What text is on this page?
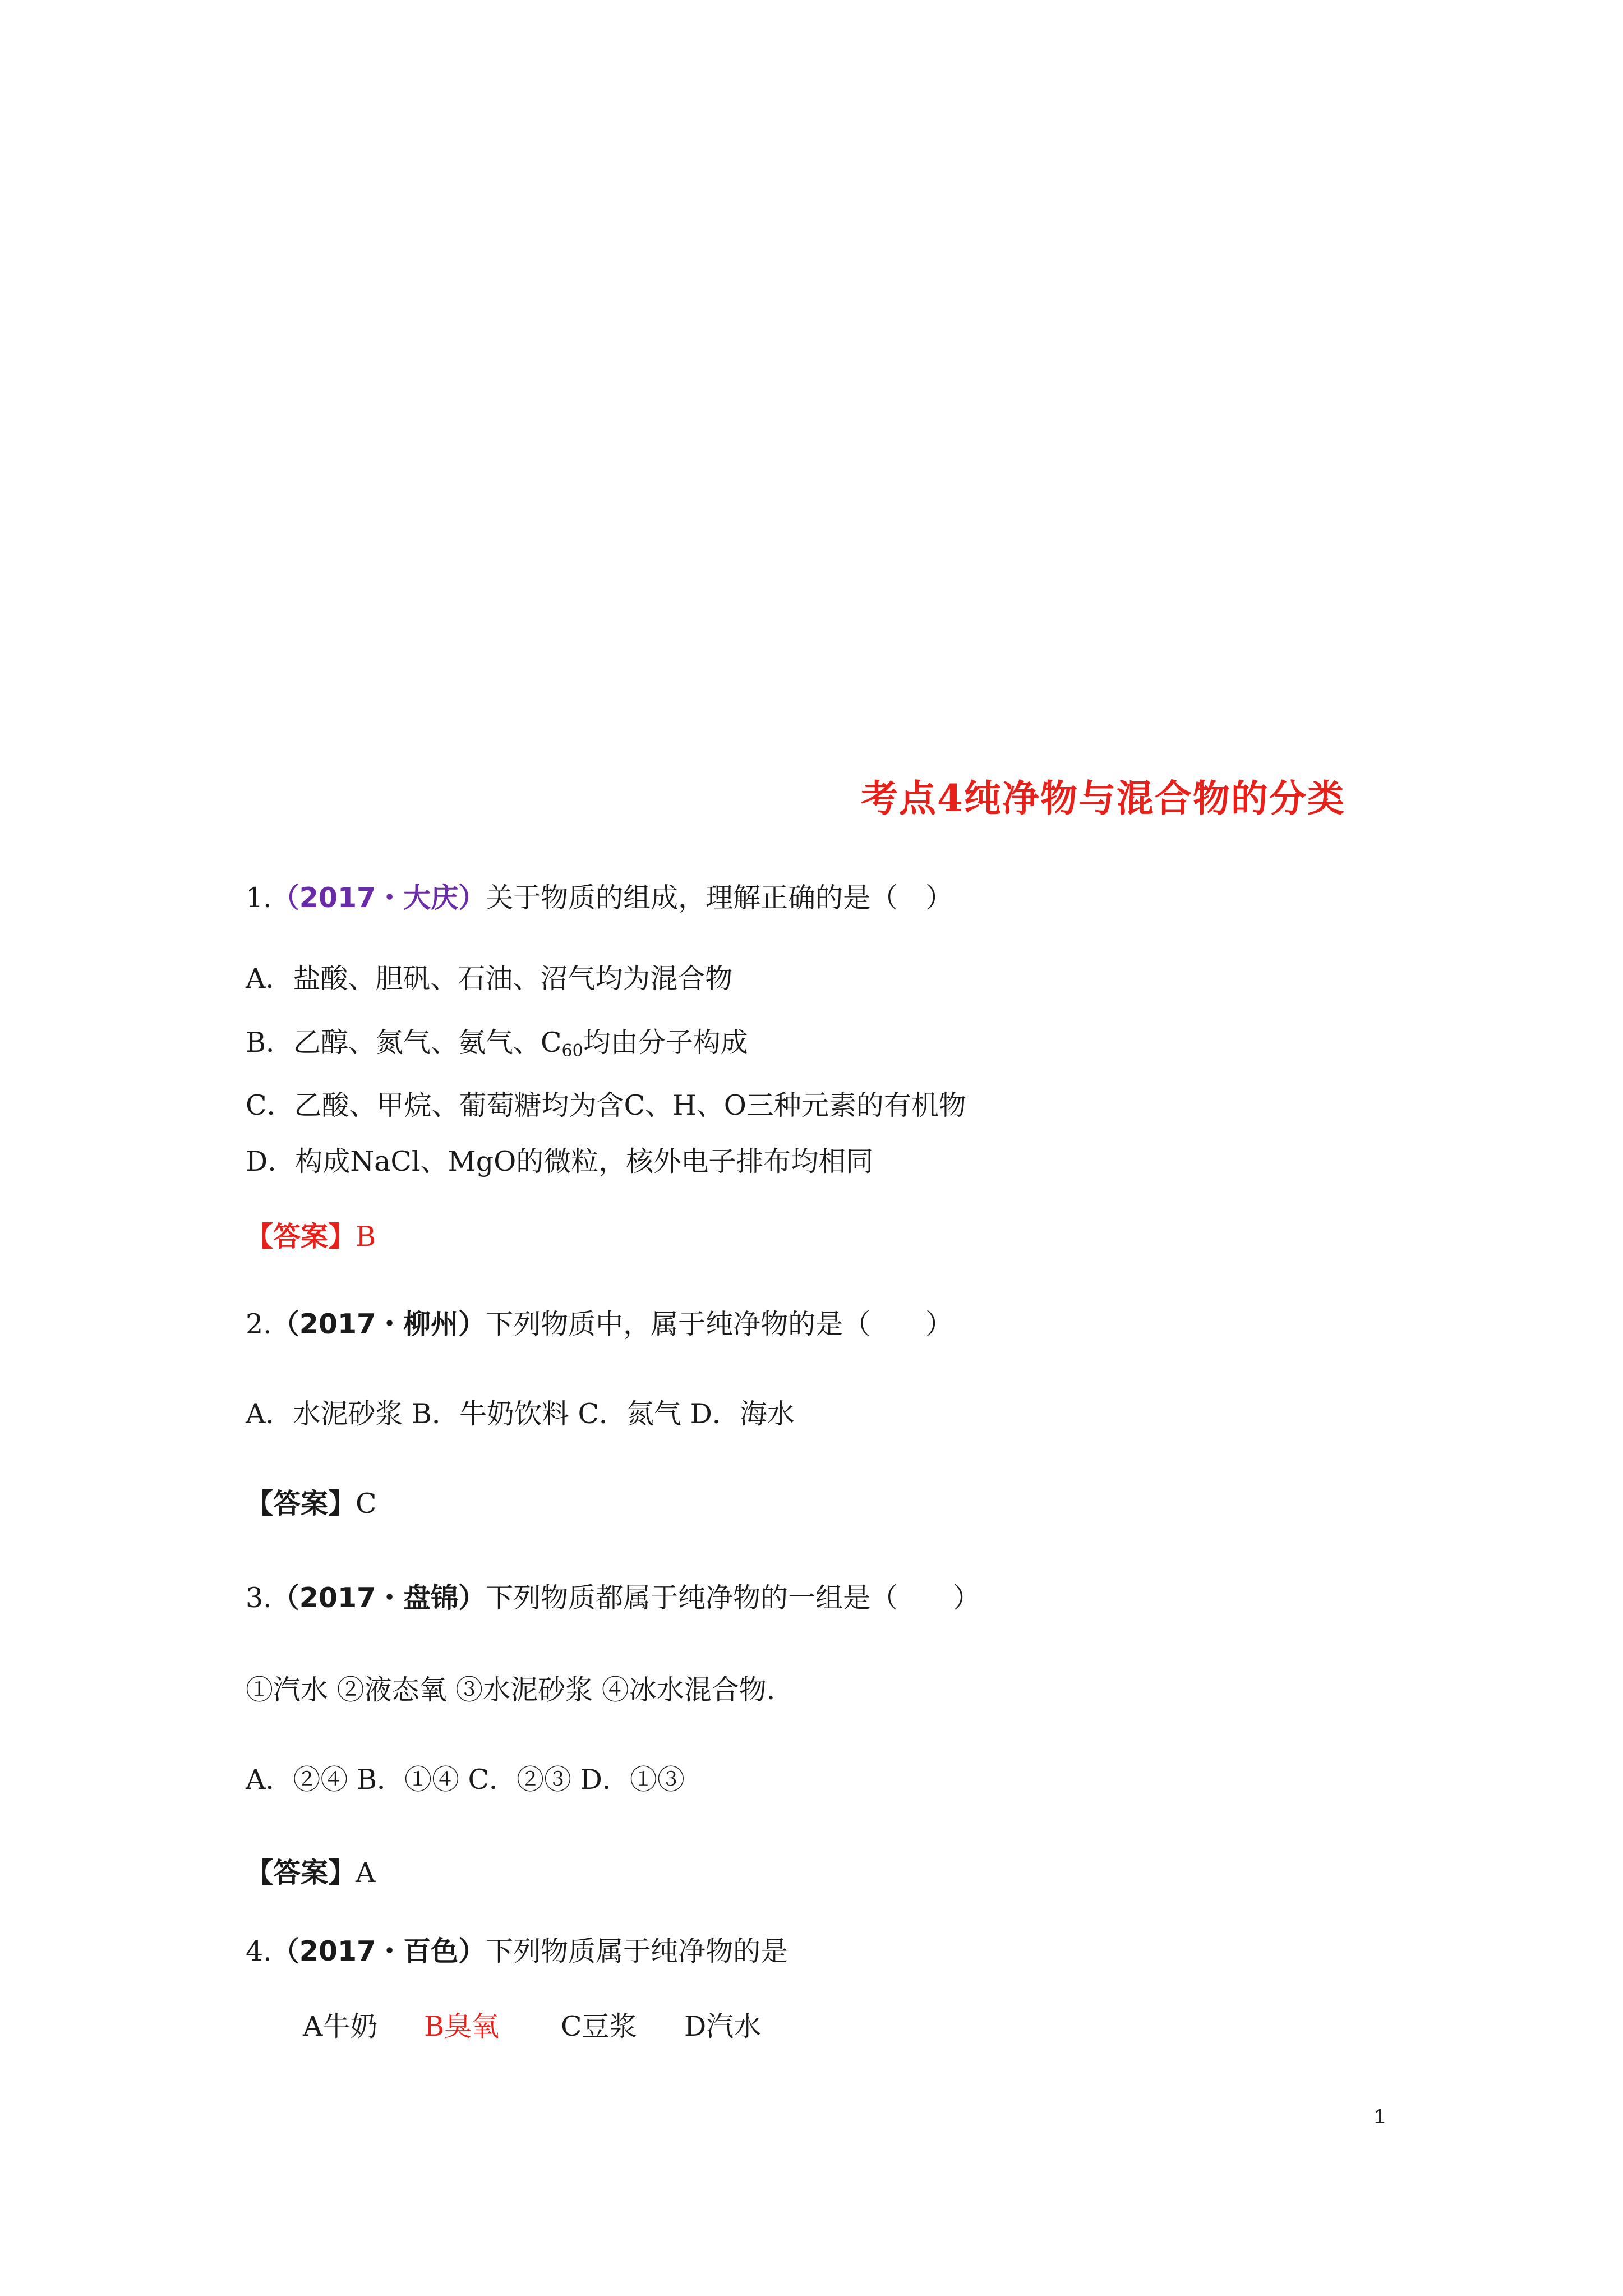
考点4纯净物与混合物的分类
1.（2017・大庆）关于物质的组成，理解正确的是（　）
A．盐酸、胆矾、石油、沼气均为混合物
B．乙醇、氮气、氨气、$C_{60}$均由分子构成
C．乙酸、甲烷、葡萄糖均为含C、H、O三种元素的有机物
D．构成NaCl、MgO的微粒，核外电子排布均相同
【答案】B
2.（2017・柳州）下列物质中，属于纯净物的是（　　）
A．水泥砂浆 B．牛奶饮料 C．氮气 D．海水
【答案】C
3.（2017・盘锦）下列物质都属于纯净物的一组是（　　）
①汽水 ②液态氧 ③水泥砂浆 ④冰水混合物.
A．②④ B．①④ C．②③ D．①③
【答案】A
4.（2017・百色）下列物质属于纯净物的是
A牛奶 B臭氧 C豆浆 D汽水
1
